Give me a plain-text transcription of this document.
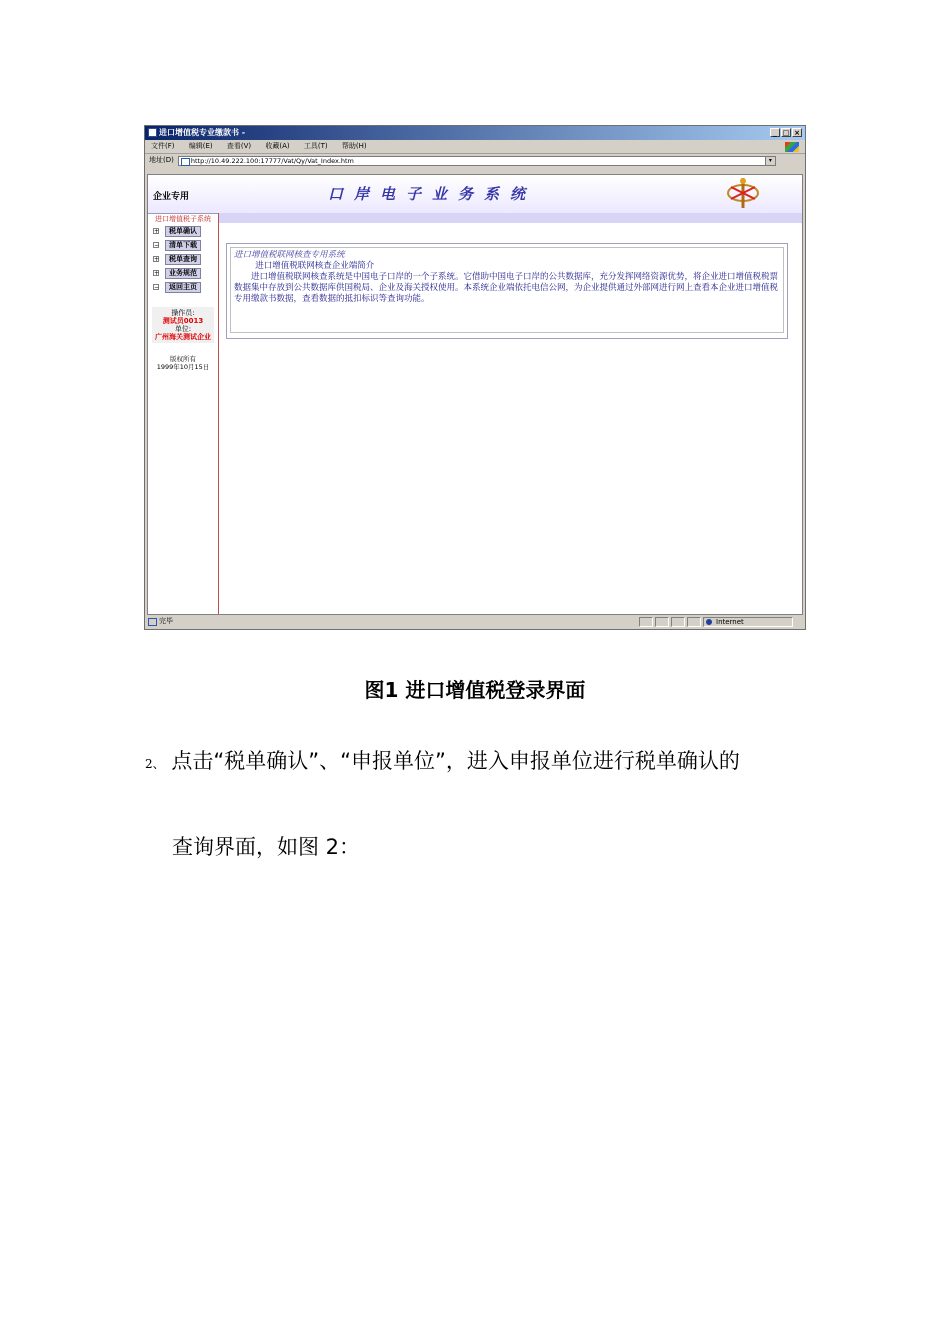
进口增值税专业缴款书 -	_ □ ×
文件(F) 编辑(E) 查看(V) 收藏(A) 工具(T) 帮助(H)
地址(D)	http://10.49.222.100:17777/Vat/Qy/Vat_Index.htm	▾
企业专用	口岸电子业务系统
进口增值税子系统
+	税单确认
−	清单下载
+	税单查询
+	业务规范
−	返回主页
操作员:
测试员0013
单位:
广州海关测试企业
版权所有
1999年10月15日
进口增值税联网核查专用系统
进口增值税联网核查企业端简介
进口增值税联网核查系统是中国电子口岸的一个子系统。它借助中国电子口岸的公共数据库，充分发挥网络资源优势，将企业进口增值税税票数据集中存放到公共数据库供国税局、企业及海关授权使用。本系统企业端依托电信公网，为企业提供通过外部网进行网上查看本企业进口增值税专用缴款书数据，查看数据的抵扣标识等查询功能。
完毕	Internet
图1 进口增值税登录界面
2、 点击“税单确认”、“申报单位”，进入申报单位进行税单确认的
查询界面，如图 2：
